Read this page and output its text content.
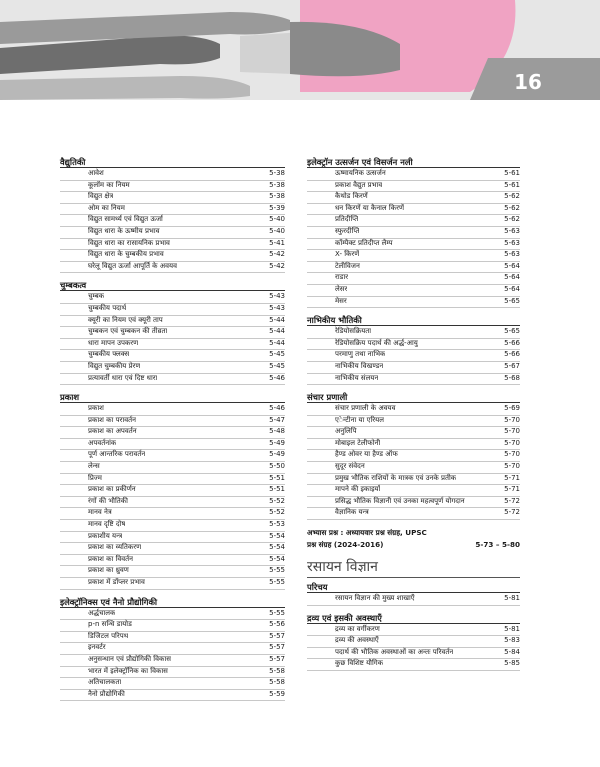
16
वैद्युतिकी
आवेश	5-38
कूलॉम का नियम	5-38
विद्युत क्षेत्र	5-38
ओम का नियम	5-39
विद्युत सामर्थ्य एवं विद्युत ऊर्जा	5-40
विद्युत धारा के ऊष्मीय प्रभाव	5-40
विद्युत धारा का रासायनिक प्रभाव	5-41
विद्युत धारा के चुम्बकीय प्रभाव	5-42
घरेलू विद्युत ऊर्जा आपूर्ति के अवयव	5-42
चुम्बकत्व
चुम्बक	5-43
चुम्बकीय पदार्थ	5-43
क्यूरी का नियम एवं क्यूरी ताप	5-44
चुम्बकन एवं चुम्बकन की तीव्रता	5-44
धारा मापन उपकरण	5-44
चुम्बकीय फ्लक्स	5-45
विद्युत चुम्बकीय प्रेरण	5-45
प्रत्यावर्ती धारा एवं दिष्ट धारा	5-46
प्रकाश
प्रकाश	5-46
प्रकाश का परावर्तन	5-47
प्रकाश का अपवर्तन	5-48
अपवर्तनांक	5-49
पूर्ण आन्तरिक परावर्तन	5-49
लेन्स	5-50
प्रिज्म	5-51
प्रकाश का प्रकीर्णन	5-51
रंगों की भौतिकी	5-52
मानव नेत्र	5-52
मानव दृष्टि दोष	5-53
प्रकाशीय यन्त्र	5-54
प्रकाश का व्यतिकरण	5-54
प्रकाश का विवर्तन	5-54
प्रकाश का ध्रुवण	5-55
प्रकाश में डॉप्लर प्रभाव	5-55
इलेक्ट्रॉनिक्स एवं नैनो प्रौद्योगिकी
अर्द्धचालक	5-55
p-n सन्धि डायोड	5-56
डिजिटल परिपथ	5-57
इनवर्टर	5-57
अनुसन्धान एवं प्रौद्योगिकी विकास	5-57
भारत में इलेक्ट्रॉनिक का विकास	5-58
अतिचालकता	5-58
नैनो प्रौद्योगिकी	5-59
इलेक्ट्रॉन उत्सर्जन एवं विसर्जन नली
ऊष्मायनिक उत्सर्जन	5-61
प्रकाश वैद्युत प्रभाव	5-61
कैथोड किरणें	5-62
धन किरणें या कैनाल किरणें	5-62
प्रतिदीप्ति	5-62
स्फुरदीप्ति	5-63
कॉम्पैक्ट प्रतिदीप्त लैम्प	5-63
X- किरणें	5-63
टेलीविजन	5-64
राडार	5-64
लेसर	5-64
मेसर	5-65
नाभिकीय भौतिकी
रेडियोसक्रियता	5-65
रेडियोसक्रिय पदार्थ की अर्द्ध-आयु	5-66
परमाणु तथा नाभिक	5-66
नाभिकीय विखण्डन	5-67
नाभिकीय संलयन	5-68
संचार प्रणाली
संचार प्रणाली के अवयव	5-69
एेन्टीना या एरियल	5-70
अनुलिपि	5-70
मोबाइल टेलीफोनी	5-70
हैण्ड ओवर या हैण्ड ऑफ	5-70
सुदूर संवेदन	5-70
प्रमुख भौतिक राशियों के मात्रक एवं उनके प्रतीक	5-71
मापने की इकाइयाँ	5-71
प्रसिद्ध भौतिक विज्ञानी एवं उनका महत्वपूर्ण योगदान	5-72
वैज्ञानिक यन्त्र	5-72
अभ्यास प्रश्न : अध्यायवार प्रश्न संग्रह, UPSC
प्रश्न संग्रह (2024-2016)	5-73 – 5-80
रसायन विज्ञान
परिचय
रसायन विज्ञान की मुख्य शाखाएँ	5-81
द्रव्य एवं इसकी अवस्थाएँ
द्रव्य का वर्गीकरण	5-81
द्रव्य की अवस्थाएँ	5-83
पदार्थ की भौतिक अवस्थाओं का अन्तः परिवर्तन	5-84
कुछ विशिष्ट यौगिक	5-85
